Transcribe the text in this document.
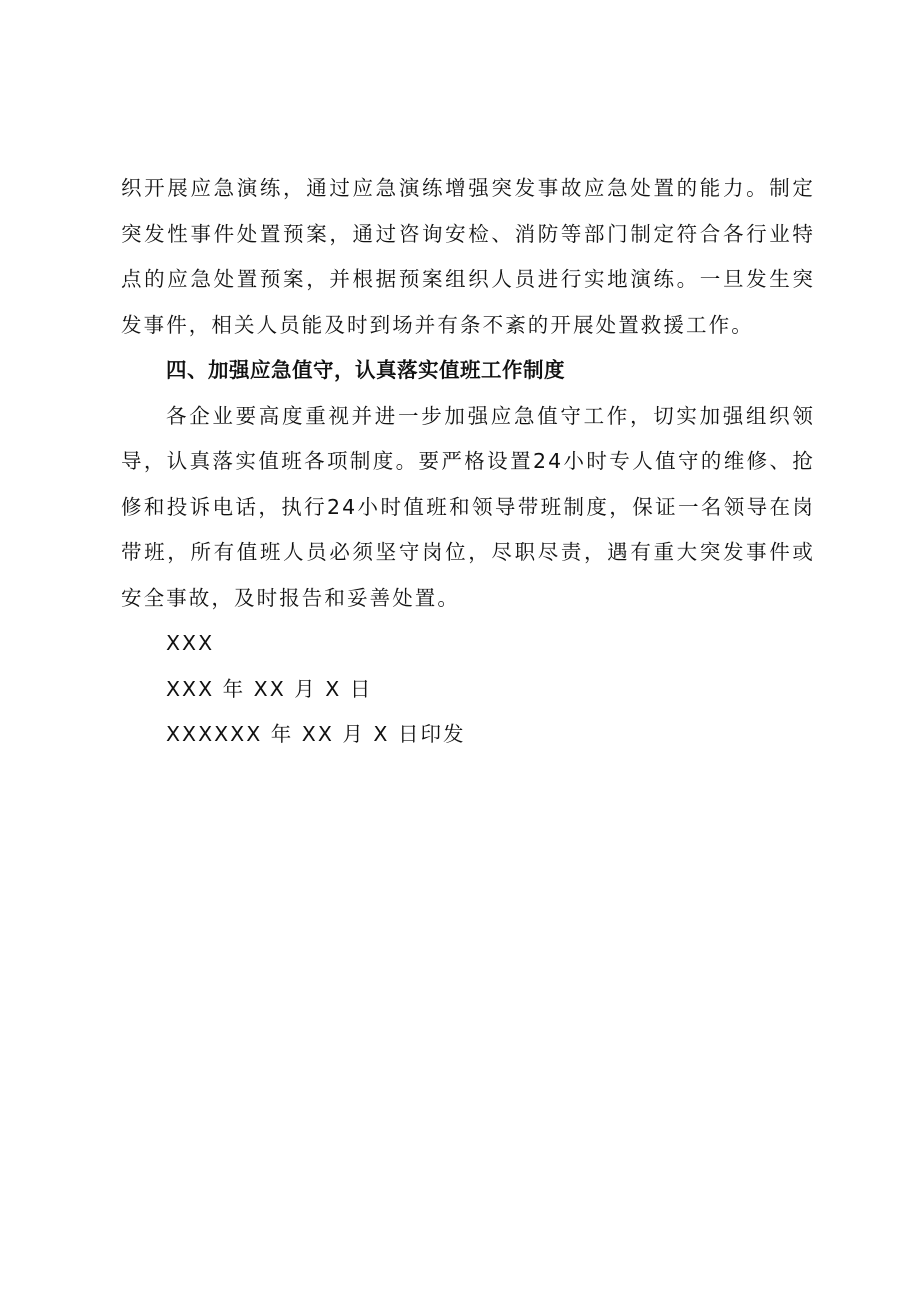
织开展应急演练，通过应急演练增强突发事故应急处置的能力。制定突发性事件处置预案，通过咨询安检、消防等部门制定符合各行业特点的应急处置预案，并根据预案组织人员进行实地演练。一旦发生突发事件，相关人员能及时到场并有条不紊的开展处置救援工作。

四、加强应急值守，认真落实值班工作制度

各企业要高度重视并进一步加强应急值守工作，切实加强组织领导，认真落实值班各项制度。要严格设置24小时专人值守的维修、抢修和投诉电话，执行24小时值班和领导带班制度，保证一名领导在岗带班，所有值班人员必须坚守岗位，尽职尽责，遇有重大突发事件或安全事故，及时报告和妥善处置。

XXX

XXX 年 XX 月 X 日

XXXXXX 年 XX 月 X 日印发
